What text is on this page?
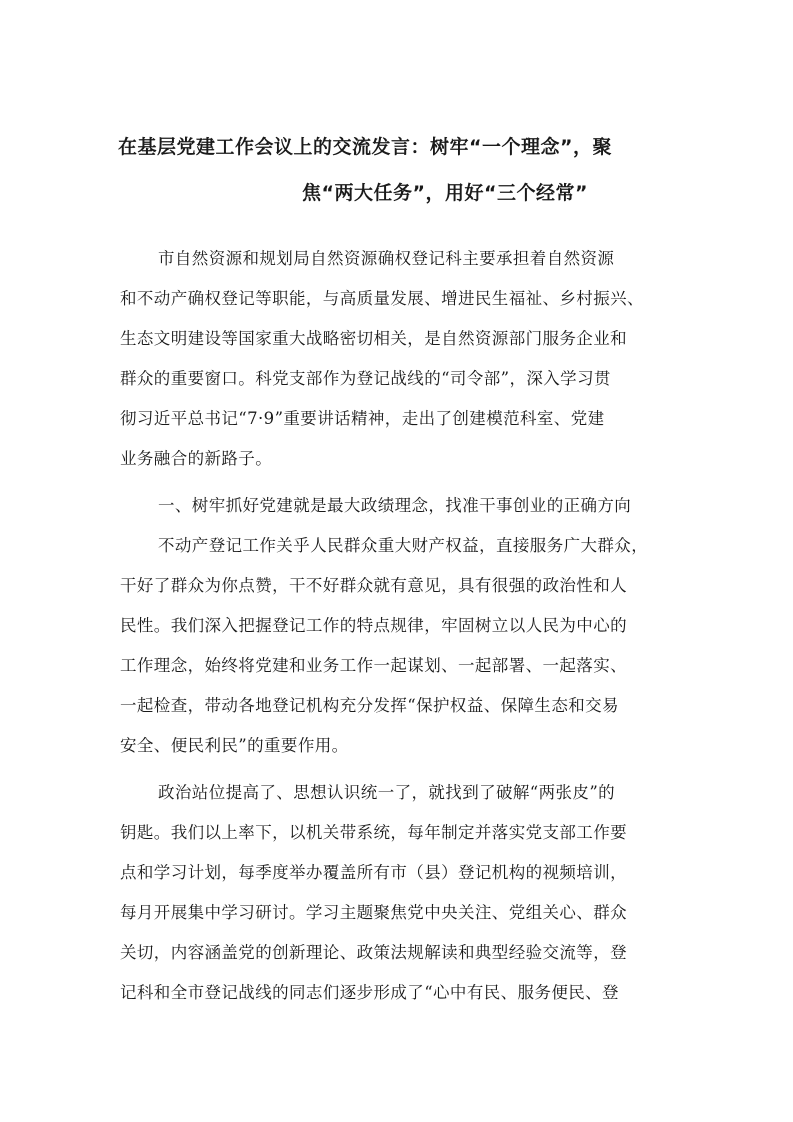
在基层党建工作会议上的交流发言：树牢“一个理念”，聚
焦“两大任务”，用好“三个经常”
市自然资源和规划局自然资源确权登记科主要承担着自然资源
和不动产确权登记等职能，与高质量发展、增进民生福祉、乡村振兴、
生态文明建设等国家重大战略密切相关，是自然资源部门服务企业和
群众的重要窗口。科党支部作为登记战线的“司令部”，深入学习贯
彻习近平总书记“7·9”重要讲话精神，走出了创建模范科室、党建
业务融合的新路子。
一、树牢抓好党建就是最大政绩理念，找准干事创业的正确方向
不动产登记工作关乎人民群众重大财产权益，直接服务广大群众，
干好了群众为你点赞，干不好群众就有意见，具有很强的政治性和人
民性。我们深入把握登记工作的特点规律，牢固树立以人民为中心的
工作理念，始终将党建和业务工作一起谋划、一起部署、一起落实、
一起检查，带动各地登记机构充分发挥“保护权益、保障生态和交易
安全、便民利民”的重要作用。
政治站位提高了、思想认识统一了，就找到了破解“两张皮”的
钥匙。我们以上率下，以机关带系统，每年制定并落实党支部工作要
点和学习计划，每季度举办覆盖所有市（县）登记机构的视频培训，
每月开展集中学习研讨。学习主题聚焦党中央关注、党组关心、群众
关切，内容涵盖党的创新理论、政策法规解读和典型经验交流等，登
记科和全市登记战线的同志们逐步形成了“心中有民、服务便民、登
